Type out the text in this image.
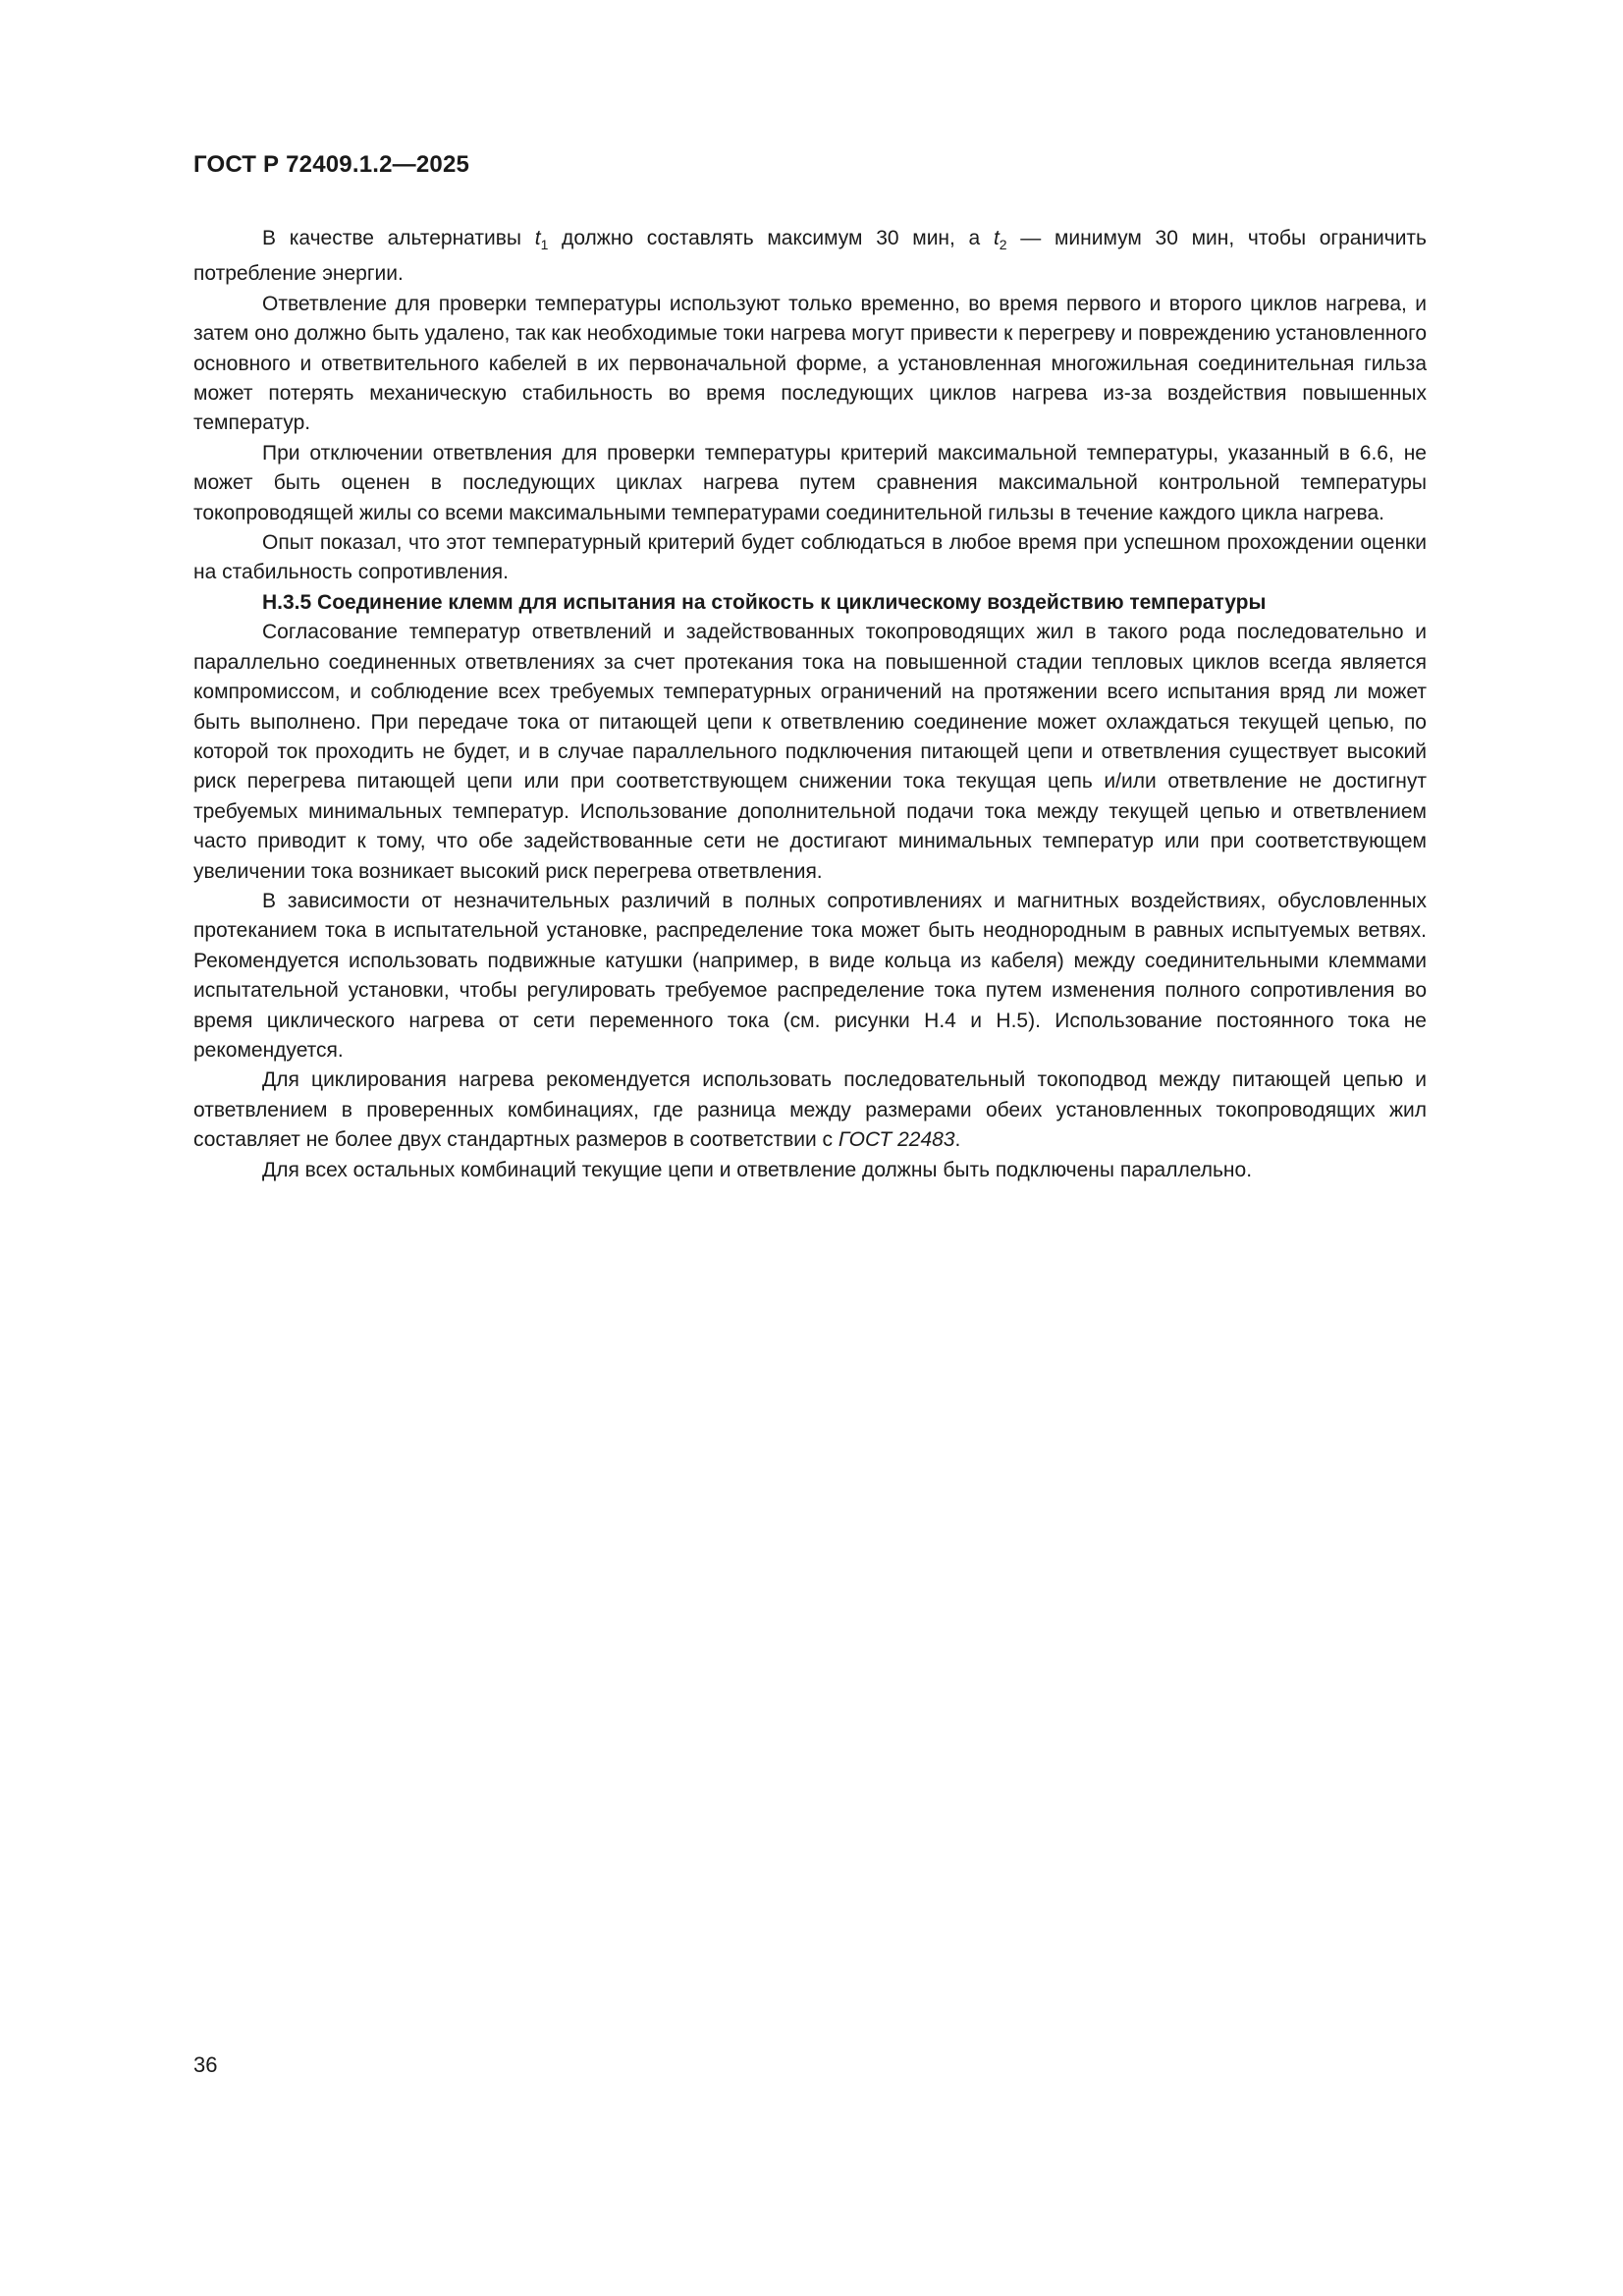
ГОСТ Р 72409.1.2—2025

В качестве альтернативы $t_1$ должно составлять максимум 30 мин, а $t_2$ — минимум 30 мин, чтобы ограничить потребление энергии.

Ответвление для проверки температуры используют только временно, во время первого и второго циклов нагрева, и затем оно должно быть удалено, так как необходимые токи нагрева могут привести к перегреву и повреждению установленного основного и ответвительного кабелей в их первоначальной форме, а установленная многожильная соединительная гильза может потерять механическую стабильность во время последующих циклов нагрева из-за воздействия повышенных температур.

При отключении ответвления для проверки температуры критерий максимальной температуры, указанный в 6.6, не может быть оценен в последующих циклах нагрева путем сравнения максимальной контрольной температуры токопроводящей жилы со всеми максимальными температурами соединительной гильзы в течение каждого цикла нагрева.

Опыт показал, что этот температурный критерий будет соблюдаться в любое время при успешном прохождении оценки на стабильность сопротивления.

Н.3.5 Соединение клемм для испытания на стойкость к циклическому воздействию температуры

Согласование температур ответвлений и задействованных токопроводящих жил в такого рода последовательно и параллельно соединенных ответвлениях за счет протекания тока на повышенной стадии тепловых циклов всегда является компромиссом, и соблюдение всех требуемых температурных ограничений на протяжении всего испытания вряд ли может быть выполнено. При передаче тока от питающей цепи к ответвлению соединение может охлаждаться текущей цепью, по которой ток проходить не будет, и в случае параллельного подключения питающей цепи и ответвления существует высокий риск перегрева питающей цепи или при соответствующем снижении тока текущая цепь и/или ответвление не достигнут требуемых минимальных температур. Использование дополнительной подачи тока между текущей цепью и ответвлением часто приводит к тому, что обе задействованные сети не достигают минимальных температур или при соответствующем увеличении тока возникает высокий риск перегрева ответвления.

В зависимости от незначительных различий в полных сопротивлениях и магнитных воздействиях, обусловленных протеканием тока в испытательной установке, распределение тока может быть неоднородным в равных испытуемых ветвях. Рекомендуется использовать подвижные катушки (например, в виде кольца из кабеля) между соединительными клеммами испытательной установки, чтобы регулировать требуемое распределение тока путем изменения полного сопротивления во время циклического нагрева от сети переменного тока (см. рисунки Н.4 и Н.5). Использование постоянного тока не рекомендуется.

Для циклирования нагрева рекомендуется использовать последовательный токоподвод между питающей цепью и ответвлением в проверенных комбинациях, где разница между размерами обеих установленных токопроводящих жил составляет не более двух стандартных размеров в соответствии с ГОСТ 22483.

Для всех остальных комбинаций текущие цепи и ответвление должны быть подключены параллельно.

36
